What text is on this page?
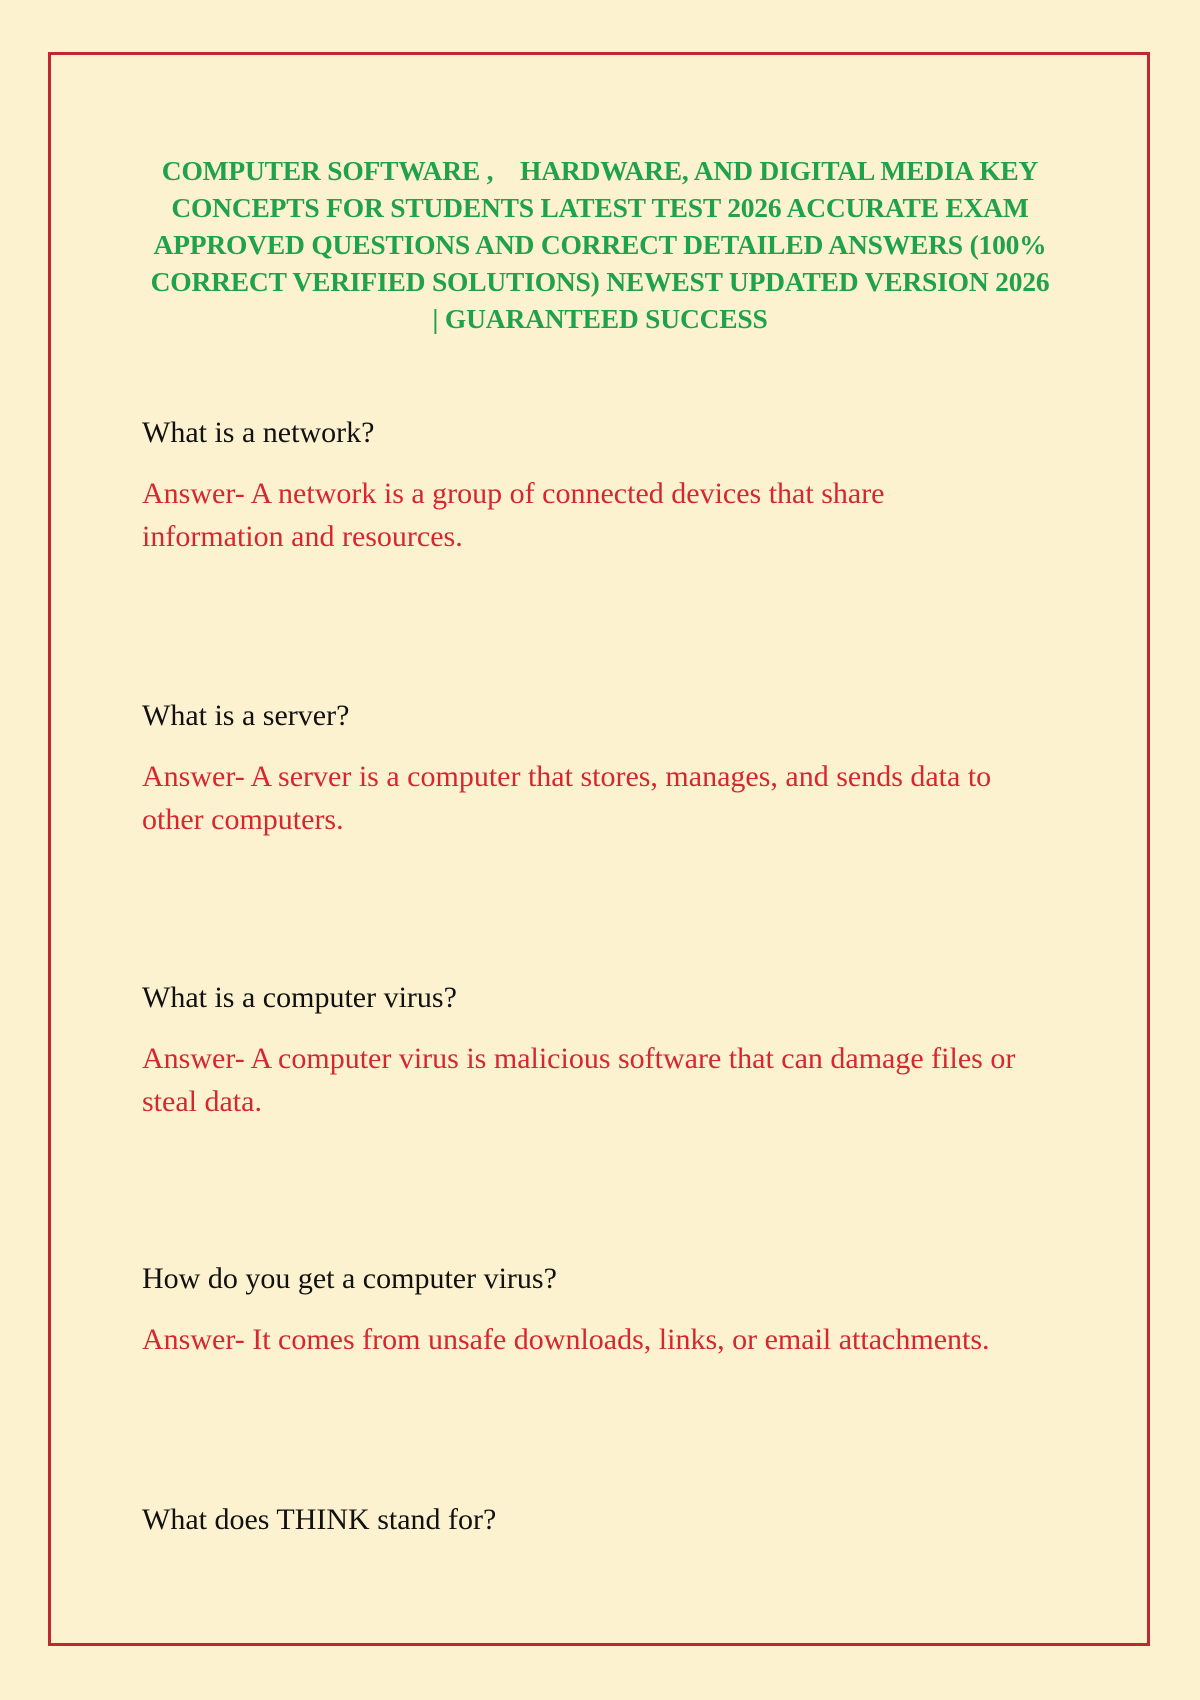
COMPUTER SOFTWARE ,    HARDWARE, AND DIGITAL MEDIA KEY
CONCEPTS FOR STUDENTS LATEST TEST 2026 ACCURATE EXAM
APPROVED QUESTIONS AND CORRECT DETAILED ANSWERS (100%
CORRECT VERIFIED SOLUTIONS) NEWEST UPDATED VERSION 2026
| GUARANTEED SUCCESS

What is a network?

Answer- A network is a group of connected devices that share
information and resources.

What is a server?

Answer- A server is a computer that stores, manages, and sends data to
other computers.

What is a computer virus?

Answer- A computer virus is malicious software that can damage files or
steal data.

How do you get a computer virus?

Answer- It comes from unsafe downloads, links, or email attachments.

What does THINK stand for?
